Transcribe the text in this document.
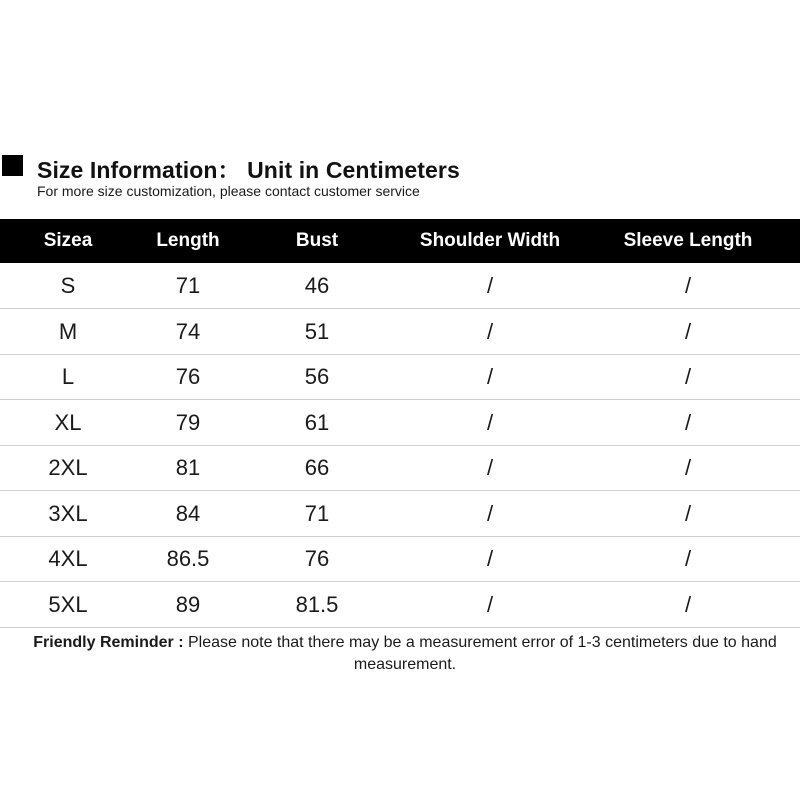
Size Information： Unit in Centimeters
For more size customization, please contact customer service
Sizea	Length	Bust	Shoulder Width	Sleeve Length
S	71	46	/	/
M	74	51	/	/
L	76	56	/	/
XL	79	61	/	/
2XL	81	66	/	/
3XL	84	71	/	/
4XL	86.5	76	/	/
5XL	89	81.5	/	/
Friendly Reminder : Please note that there may be a measurement error of 1-3 centimeters due to hand measurement.
